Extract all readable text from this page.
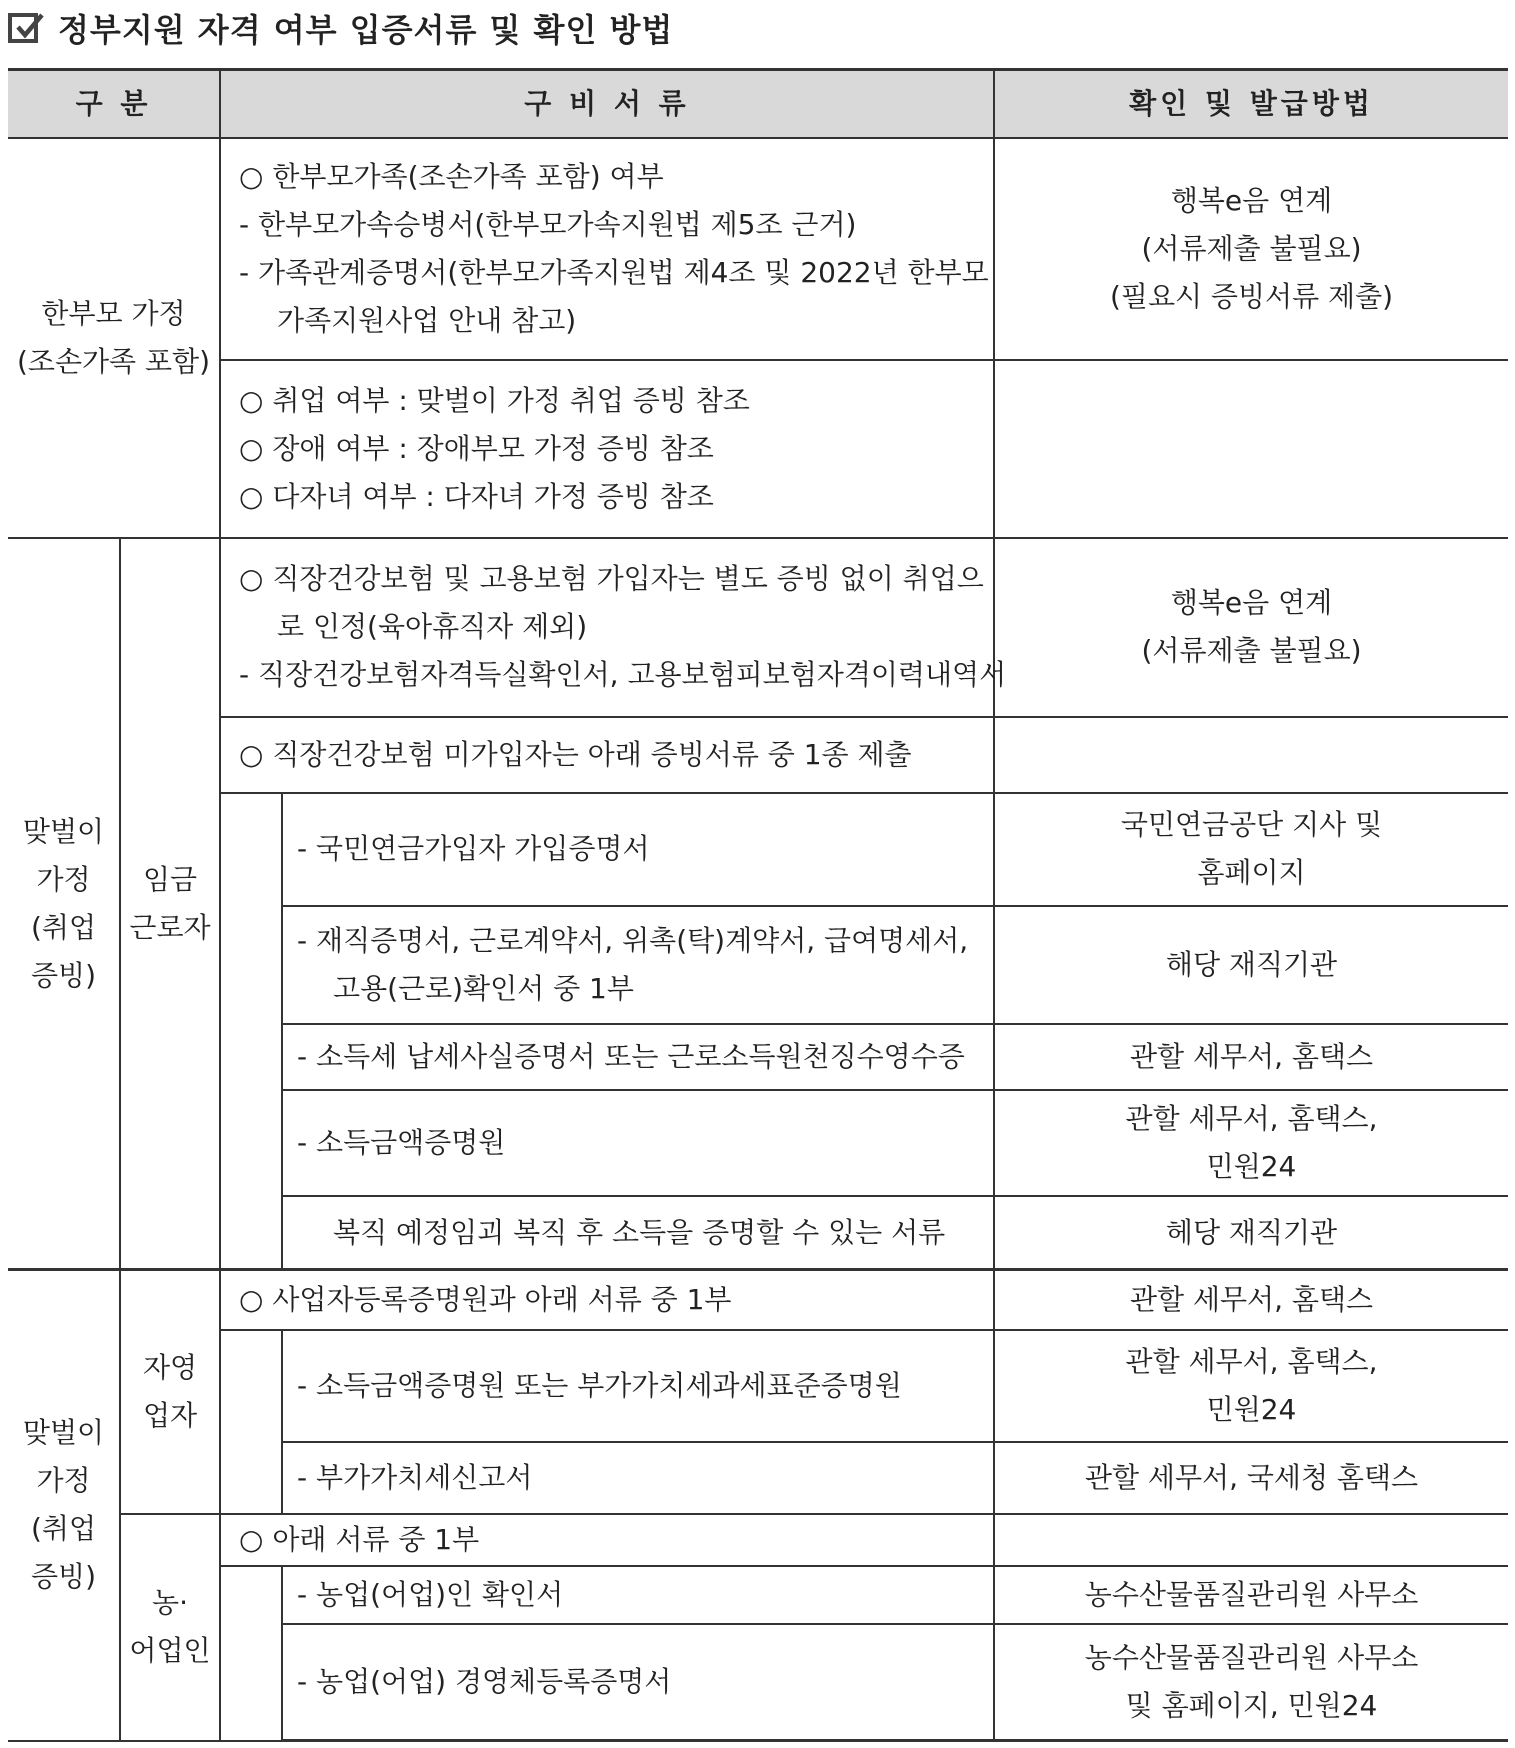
정부지원 자격 여부 입증서류 및 확인 방법
구 분		구 비 서 류		확인 및 발급방법

한부모 가정
(조손가족 포함)		○ 한부모가족(조손가족 포함) 여부
- 한부모가속승병서(한부모가속지원법 제5조 근거)
- 가족관계증명서(한부모가족지원법 제4조 및 2022년 한부모
가족지원사업 안내 참고)		행복e음 연계
(서류제출 불필요)
(필요시 증빙서류 제출)

		○ 취업 여부 : 맞벌이 가정 취업 증빙 참조
○ 장애 여부 : 장애부모 가정 증빙 참조
○ 다자녀 여부 : 다자녀 가정 증빙 참조		

맞벌이
가정
(취업
증빙)	임금
근로자	○ 직장건강보험 및 고용보험 가입자는 별도 증빙 없이 취업으
로 인정(육아휴직자 제외)
- 직장건강보험자격득실확인서, 고용보험피보험자격이력내역서		행복e음 연계
(서류제출 불필요)

		○ 직장건강보험 미가입자는 아래 증빙서류 중 1종 제출		

			- 국민연금가입자 가입증명서	국민연금공단 지사 및
홈페이지

			- 재직증명서, 근로계약서, 위촉(탁)계약서, 급여명세서,
고용(근로)확인서 중 1부	해당 재직기관

			- 소득세 납세사실증명서 또는 근로소득원천징수영수증	관할 세무서, 홈택스

			- 소득금액증명원	관할 세무서, 홈택스,
민원24

			복직 예정임괴 복직 후 소득을 증명할 수 있는 서류	헤당 재직기관

맞벌이
가정
(취업
증빙)	자영
업자	○ 사업자등록증명원과 아래 서류 중 1부		관할 세무서, 홈택스
			- 소득금액증명원 또는 부가가치세과세표준증명원	관할 세무서, 홈택스,
민원24

			- 부가가치세신고서	관할 세무서, 국세청 홈택스

	농·
어업인	○ 아래 서류 중 1부		
			- 농업(어업)인 확인서	농수산물품질관리원 사무소

			- 농업(어업) 경영체등록증명서	농수산물품질관리원 사무소
및 홈페이지, 민원24
